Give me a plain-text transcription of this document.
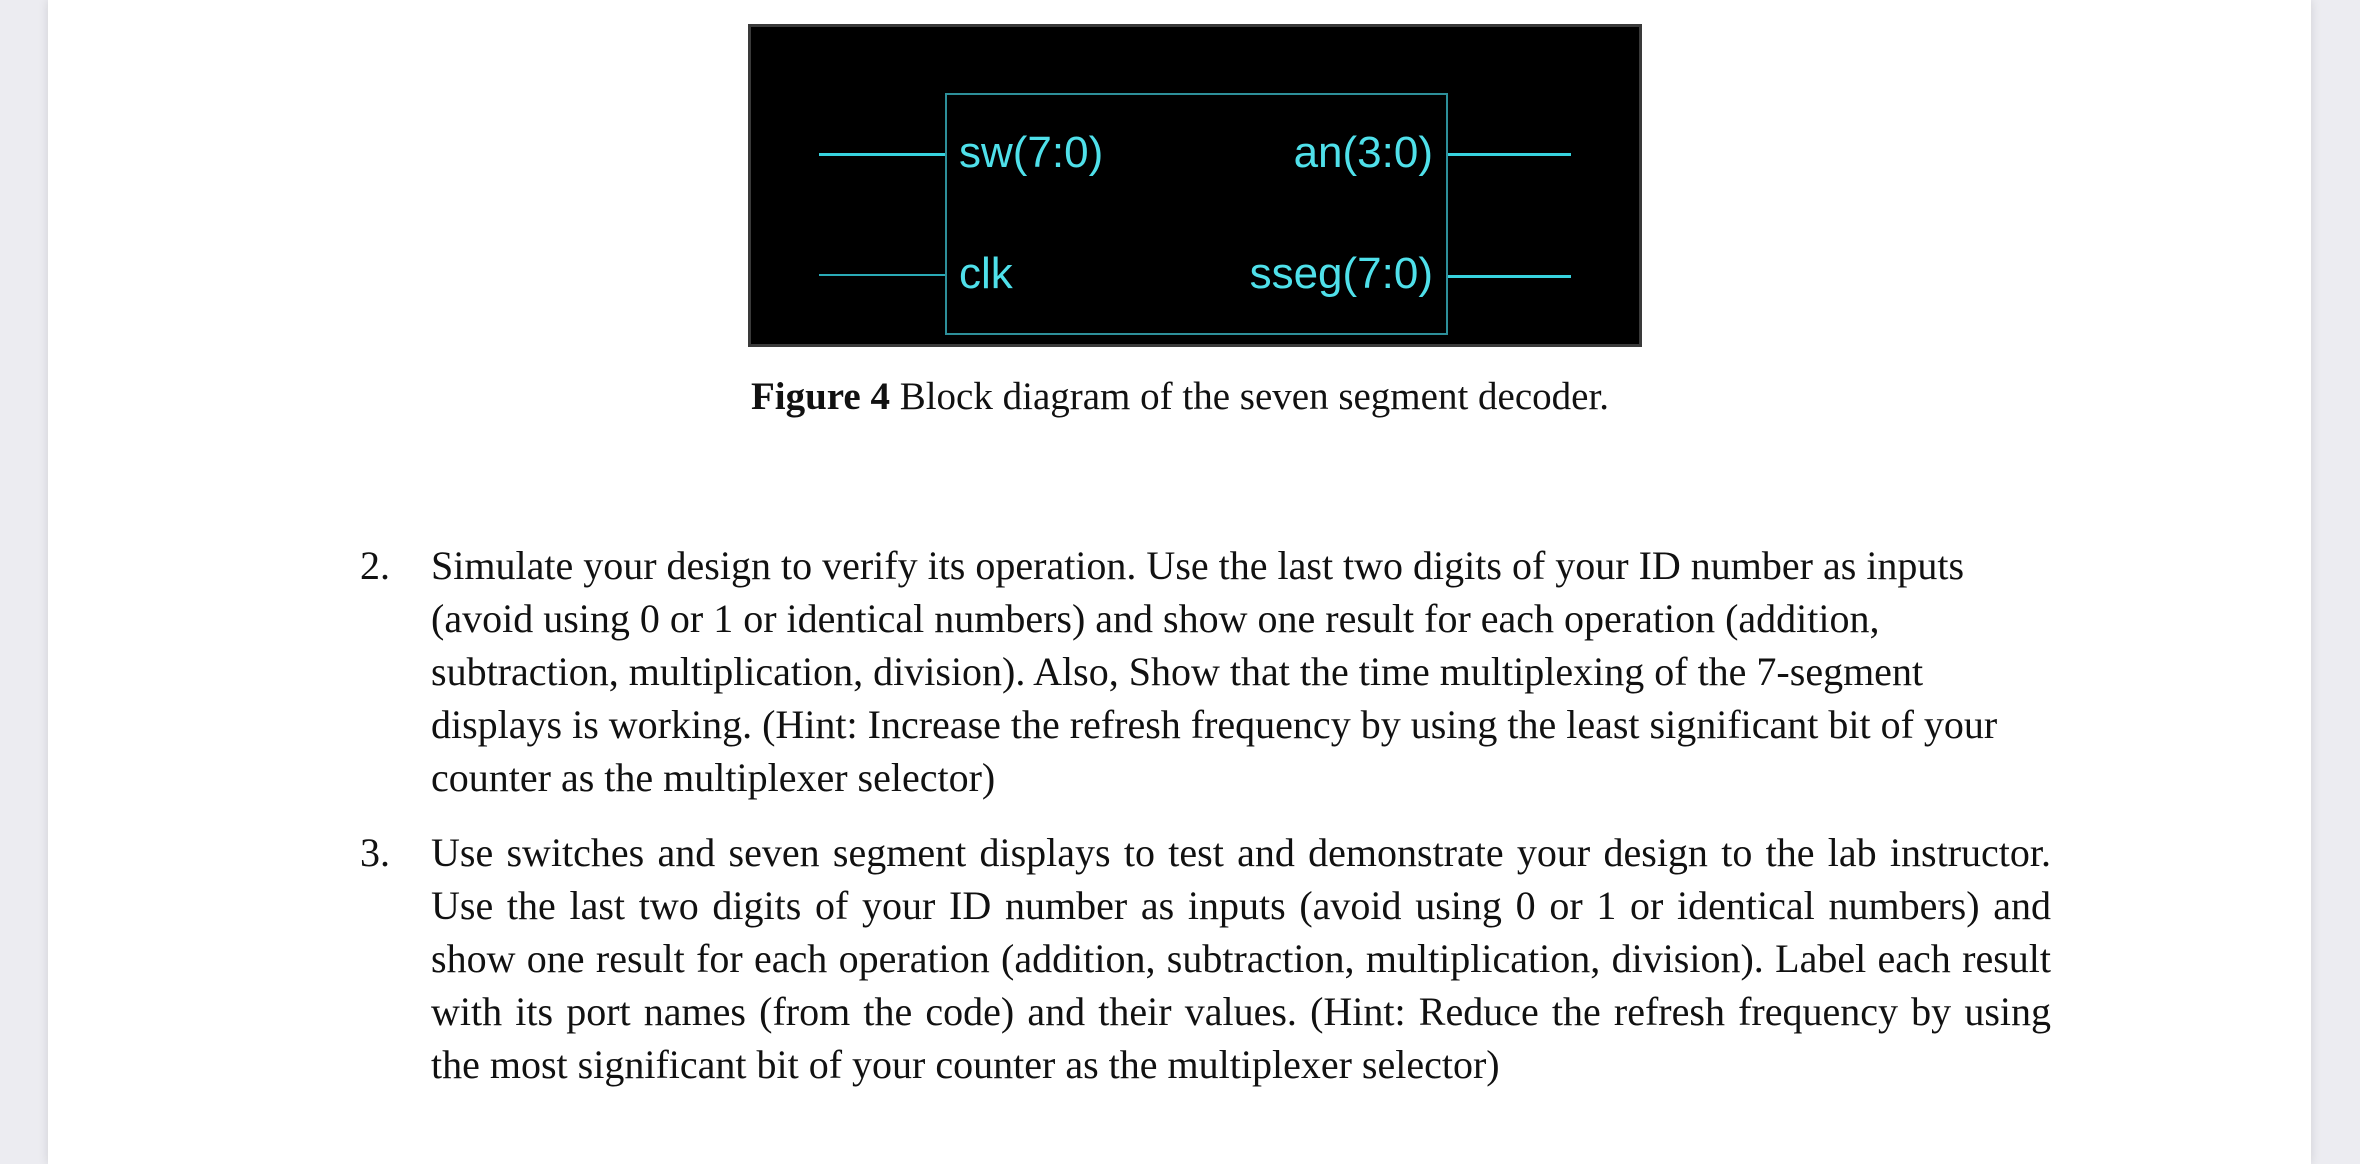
sw(7:0)
clk
an(3:0)
sseg(7:0)
Figure 4 Block diagram of the seven segment decoder.
2. Simulate your design to verify its operation. Use the last two digits of your ID number as inputs (avoid using 0 or 1 or identical numbers) and show one result for each operation (addition, subtraction, multiplication, division). Also, Show that the time multiplexing of the 7-segment displays is working. (Hint: Increase the refresh frequency by using the least significant bit of your counter as the multiplexer selector)
3. Use switches and seven segment displays to test and demonstrate your design to the lab instructor. Use the last two digits of your ID number as inputs (avoid using 0 or 1 or identical numbers) and show one result for each operation (addition, subtraction, multiplication, division). Label each result with its port names (from the code) and their values. (Hint: Reduce the refresh frequency by using the most significant bit of your counter as the multiplexer selector)
